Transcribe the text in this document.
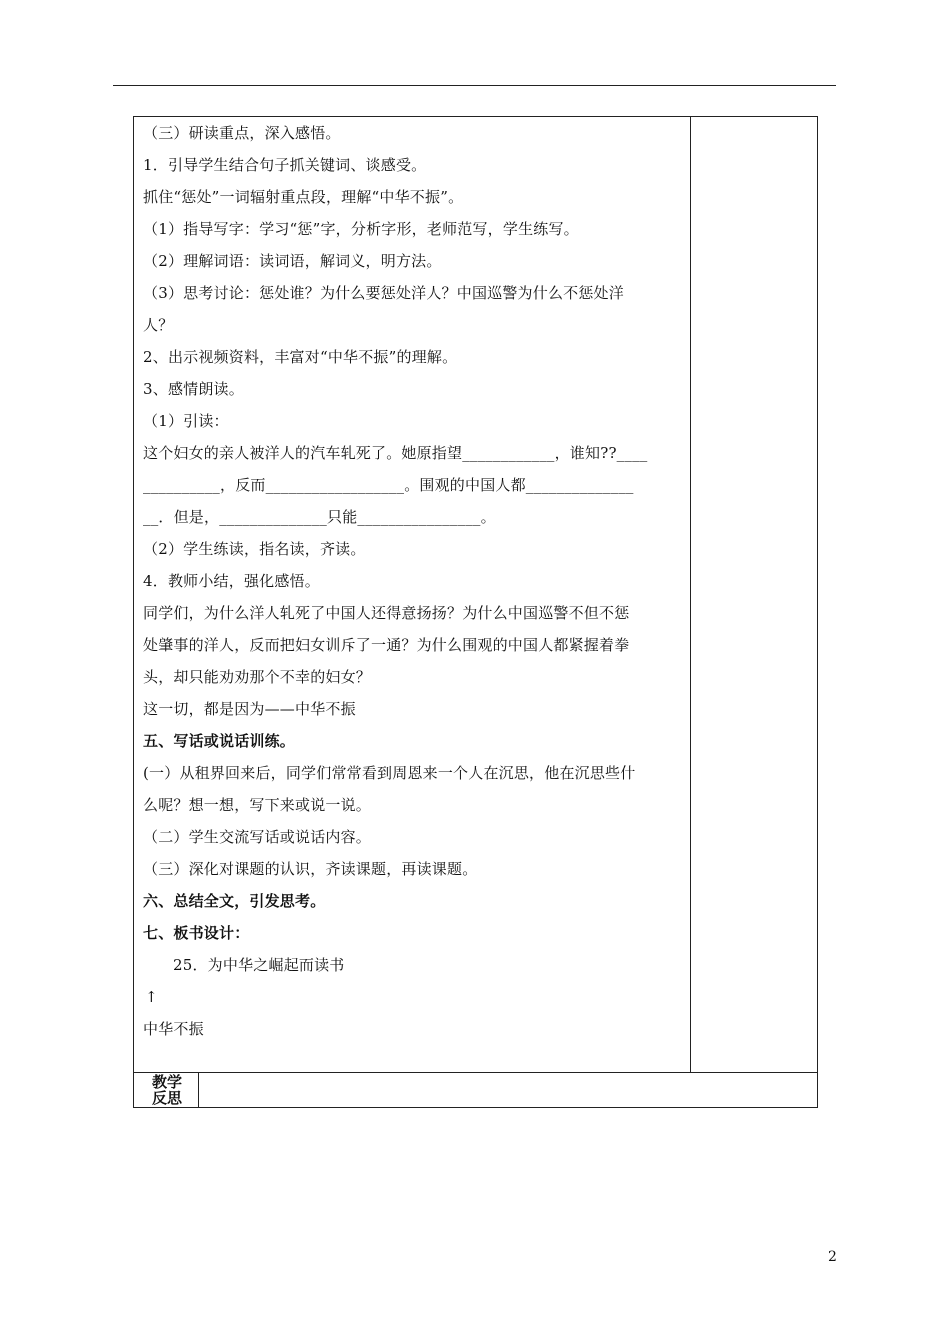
（三）研读重点，深入感悟。
1．引导学生结合句子抓关键词、谈感受。
抓住“惩处”一词辐射重点段，理解“中华不振”。
（1）指导写字：学习“惩”字，分析字形，老师范写，学生练写。
（2）理解词语：读词语，解词义，明方法。
（3）思考讨论：惩处谁？为什么要惩处洋人？中国巡警为什么不惩处洋
人？
2、出示视频资料，丰富对“中华不振”的理解。
3、感情朗读。
（1）引读：
这个妇女的亲人被洋人的汽车轧死了。她原指望____________，谁知??____
__________，反而__________________。围观的中国人都______________
__．但是，______________只能________________。
（2）学生练读，指名读，齐读。
4．教师小结，强化感悟。
同学们，为什么洋人轧死了中国人还得意扬扬？为什么中国巡警不但不惩
处肇事的洋人，反而把妇女训斥了一通？为什么围观的中国人都紧握着拳
头，却只能劝劝那个不幸的妇女？
这一切，都是因为——中华不振
五、写话或说话训练。
(一）从租界回来后，同学们常常看到周恩来一个人在沉思，他在沉思些什
么呢？想一想，写下来或说一说。
（二）学生交流写话或说话内容。
（三）深化对课题的认识，齐读课题，再读课题。
六、总结全文，引发思考。
七、板书设计：
25．为中华之崛起而读书
↑
中华不振
教学反思
2
